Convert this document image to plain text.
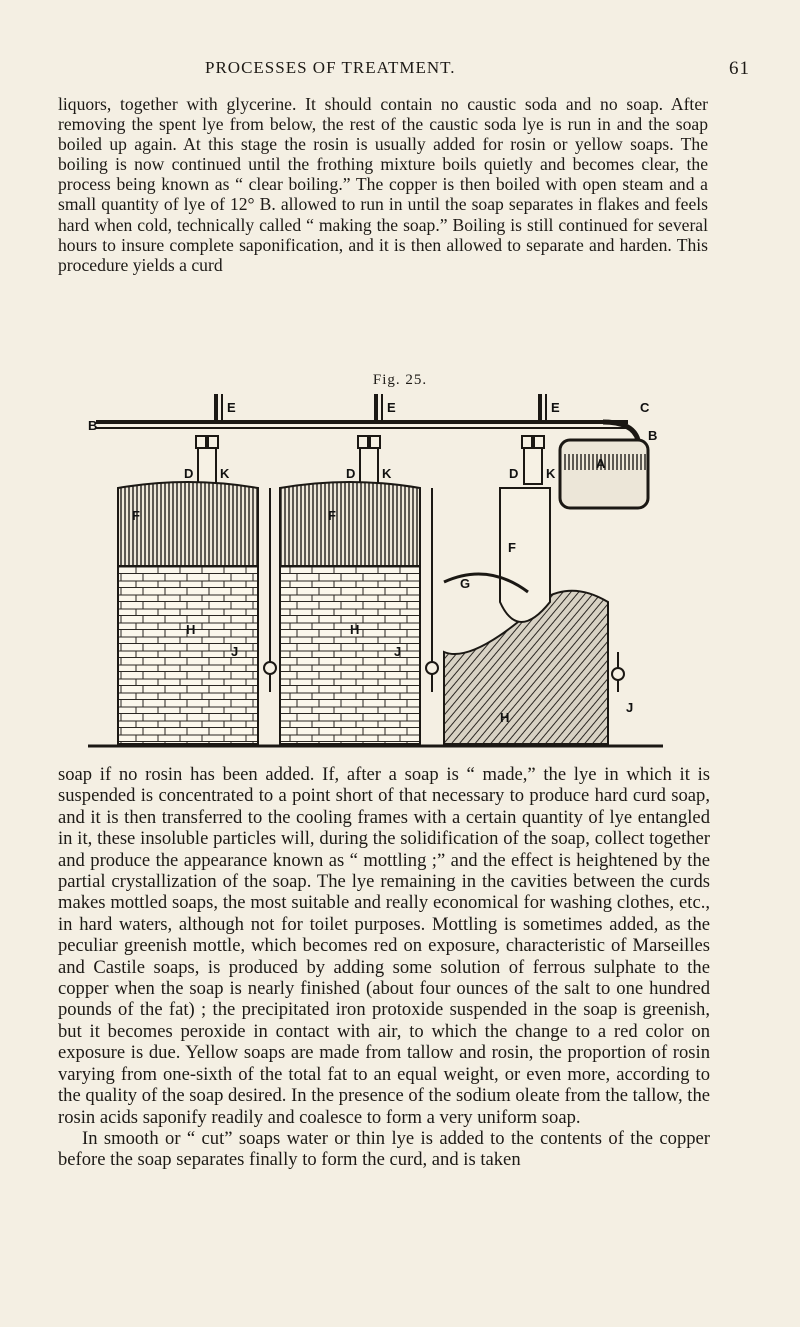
PROCESSES OF TREATMENT.	61

liquors, together with glycerine. It should contain no caustic soda and no soap. After removing the spent lye from below, the rest of the caustic soda lye is run in and the soap boiled up again. At this stage the rosin is usually added for rosin or yellow soaps. The boiling is now continued until the frothing mixture boils quietly and becomes clear, the process being known as “ clear boiling.” The copper is then boiled with open steam and a small quantity of lye of 12° B. allowed to run in until the soap separates in flakes and feels hard when cold, technically called “ making the soap.” Boiling is still continued for several hours to insure complete saponification, and it is then allowed to separate and harden. This procedure yields a curd

Fig. 25.
B
C
B
E	E	E
A
D K	D K	D K
F	F
H	H
J	J
F
G
H
J

soap if no rosin has been added. If, after a soap is “ made,” the lye in which it is suspended is concentrated to a point short of that necessary to produce hard curd soap, and it is then transferred to the cooling frames with a certain quantity of lye entangled in it, these insoluble particles will, during the solidification of the soap, collect together and produce the appearance known as “ mottling ;” and the effect is heightened by the partial crystallization of the soap. The lye remaining in the cavities between the curds makes mottled soaps, the most suitable and really economical for washing clothes, etc., in hard waters, although not for toilet purposes. Mottling is sometimes added, as the peculiar greenish mottle, which becomes red on exposure, characteristic of Marseilles and Castile soaps, is produced by adding some solution of ferrous sulphate to the copper when the soap is nearly finished (about four ounces of the salt to one hundred pounds of the fat) ; the precipitated iron protoxide suspended in the soap is greenish, but it becomes peroxide in contact with air, to which the change to a red color on exposure is due. Yellow soaps are made from tallow and rosin, the proportion of rosin varying from one-sixth of the total fat to an equal weight, or even more, according to the quality of the soap desired. In the presence of the sodium oleate from the tallow, the rosin acids saponify readily and coalesce to form a very uniform soap.

In smooth or “ cut” soaps water or thin lye is added to the contents of the copper before the soap separates finally to form the curd, and is taken
